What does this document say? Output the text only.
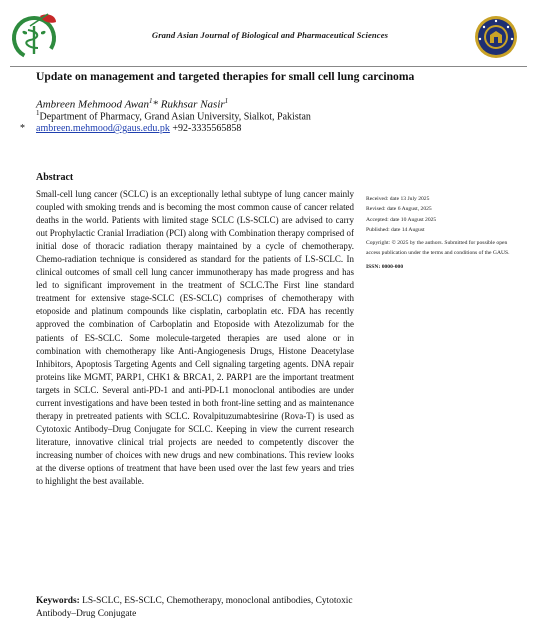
Grand Asian Journal of Biological and Pharmaceutical Sciences
Update on management and targeted therapies for small cell lung carcinoma
Ambreen Mehmood Awan$^1$* Rukhsar Nasir$^1$
$^1$Department of Pharmacy, Grand Asian University, Sialkot, Pakistan
* ambreen.mehmood@gaus.edu.pk +92-3335565858
Abstract
Small-cell lung cancer (SCLC) is an exceptionally lethal subtype of lung cancer mainly coupled with smoking trends and is becoming the most common cause of cancer related deaths in the world. Patients with limited stage SCLC (LS-SCLC) are advised to carry out Prophylactic Cranial Irradiation (PCI) along with Combination therapy comprised of initial dose of thoracic radiation therapy maintained by a cycle of chemotherapy. Chemo-radiation technique is considered as standard for the patients of LS-SCLC. In clinical outcomes of small cell lung cancer immunotherapy has made progress and has led to significant improvement in the treatment of SCLC.The First line standard treatment for extensive stage-SCLC (ES-SCLC) comprises of chemotherapy with etoposide and platinum compounds like cisplatin, carboplatin etc. FDA has recently approved the combination of Carboplatin and Etoposide with Atezolizumab for the patients of ES-SCLC. Some molecule-targeted therapies are used alone or in combination with chemotherapy like Anti-Angiogenesis Drugs, Histone Deacetylase Inhibitors, Apoptosis Targeting Agents and Cell signaling targeting agents. DNA repair proteins like MGMT, PARP1, CHK1 & BRCA1, 2. PARP1 are the important treatment targets in SCLC. Several anti-PD-1 and anti-PD-L1 monoclonal antibodies are under current investigations and have been tested in both front-line setting and as maintenance therapy in pretreated patients with SCLC. Rovalpituzumabtesirine (Rova-T) is used as Cytotoxic Antibody–Drug Conjugate for SCLC. Keeping in view the current research literature, innovative clinical trial projects are needed to competently discover the increasing number of choices with new drugs and new combinations. This review looks at the diverse options of treatment that have been used over the last few years and tries to highlight the best available.
Keywords: LS-SCLC, ES-SCLC, Chemotherapy, monoclonal antibodies, Cytotoxic Antibody–Drug Conjugate
Received: date 13 July 2025
Revised: date 6 August, 2025
Accepted: date 10 August 2025
Published: date 14 August
Copyright: © 2025 by the authors. Submitted for possible open access publication under the terms and conditions of the GAUS.
ISSN: 0000-000
